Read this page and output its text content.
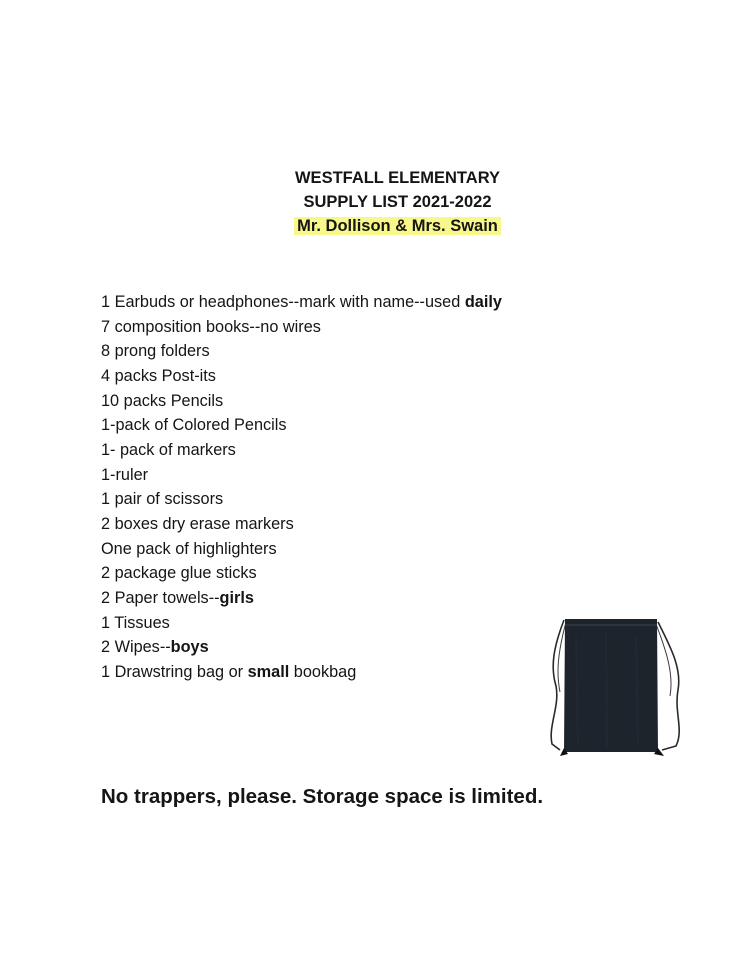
WESTFALL ELEMENTARY
SUPPLY LIST 2021-2022
Mr. Dollison & Mrs. Swain
1 Earbuds or headphones--mark with name--used daily
7 composition books--no wires
8 prong folders
4 packs Post-its
10 packs Pencils
1-pack of Colored Pencils
1- pack of markers
1-ruler
1 pair of scissors
2 boxes dry erase markers
One pack of highlighters
2 package glue sticks
2 Paper towels--girls
1 Tissues
2 Wipes--boys
1 Drawstring bag or small bookbag
No trappers, please. Storage space is limited.
